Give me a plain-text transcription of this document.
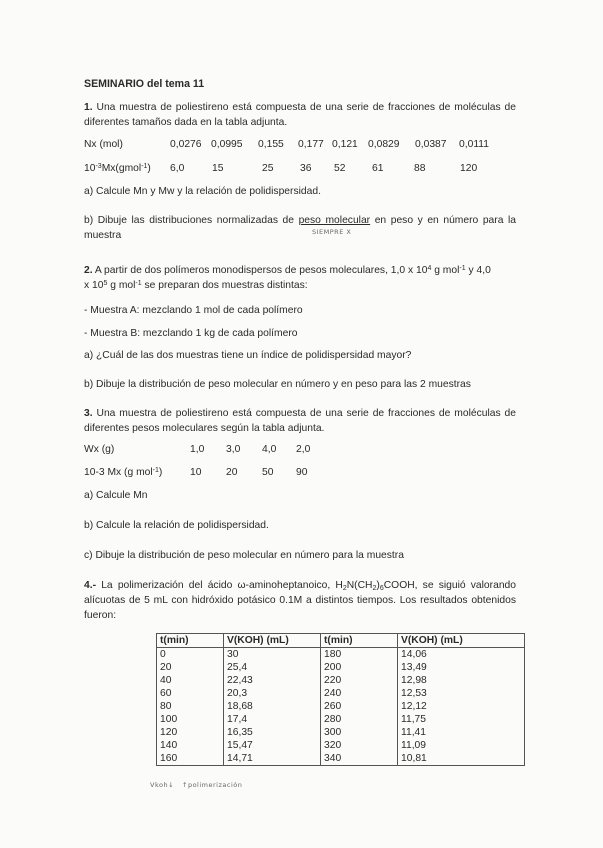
SEMINARIO del tema 11
1. Una muestra de poliestireno está compuesta de una serie de fracciones de moléculas de diferentes tamaños dada en la tabla adjunta.
Nx (mol)	0,0276 0,0995 0,155 0,177 0,121 0,0829 0,0387 0,0111
$10^{-3}Mx(gmol^{-1})$ 6,0	15	25	36 52	61	88	120
a) Calcule Mn y Mw y la relación de polidispersidad.
b) Dibuje las distribuciones normalizadas de peso molecular en peso y en número para la muestra	SIEMPRE X
2. A partir de dos polímeros monodispersos de pesos moleculares, 1,0 x $10^4$ g mol$^{-1}$ y 4,0
x $10^5$ g mol$^{-1}$ se preparan dos muestras distintas:
- Muestra A: mezclando 1 mol de cada polímero
- Muestra B: mezclando 1 kg de cada polímero
a) ¿Cuál de las dos muestras tiene un índice de polidispersidad mayor?
b) Dibuje la distribución de peso molecular en número y en peso para las 2 muestras
3. Una muestra de poliestireno está compuesta de una serie de fracciones de moléculas de diferentes pesos moleculares según la tabla adjunta.
Wx (g)	1,0 3,0 4,0 2,0
10-3 Mx (g mol$^{-1}$)	10 20 50 90
a) Calcule Mn
b) Calcule la relación de polidispersidad.
c) Dibuje la distribución de peso molecular en número para la muestra
4.- La polimerización del ácido ω-aminoheptanoico, $H_2N(CH_2)_6COOH$, se siguió valorando alícuotas de 5 mL con hidróxido potásico 0.1M a distintos tiempos. Los resultados obtenidos fueron:
t(min)	V(KOH) (mL)	t(min)	V(KOH) (mL)
0	30	180	14,06
20	25,4	200	13,49
40	22,43	220	12,98
60	20,3	240	12,53
80	18,68	260	12,12
100	17,4	280	11,75
120	16,35	300	11,41
140	15,47	320	11,09
160	14,71	340	10,81
Vkoh↓ ↑polimerización
